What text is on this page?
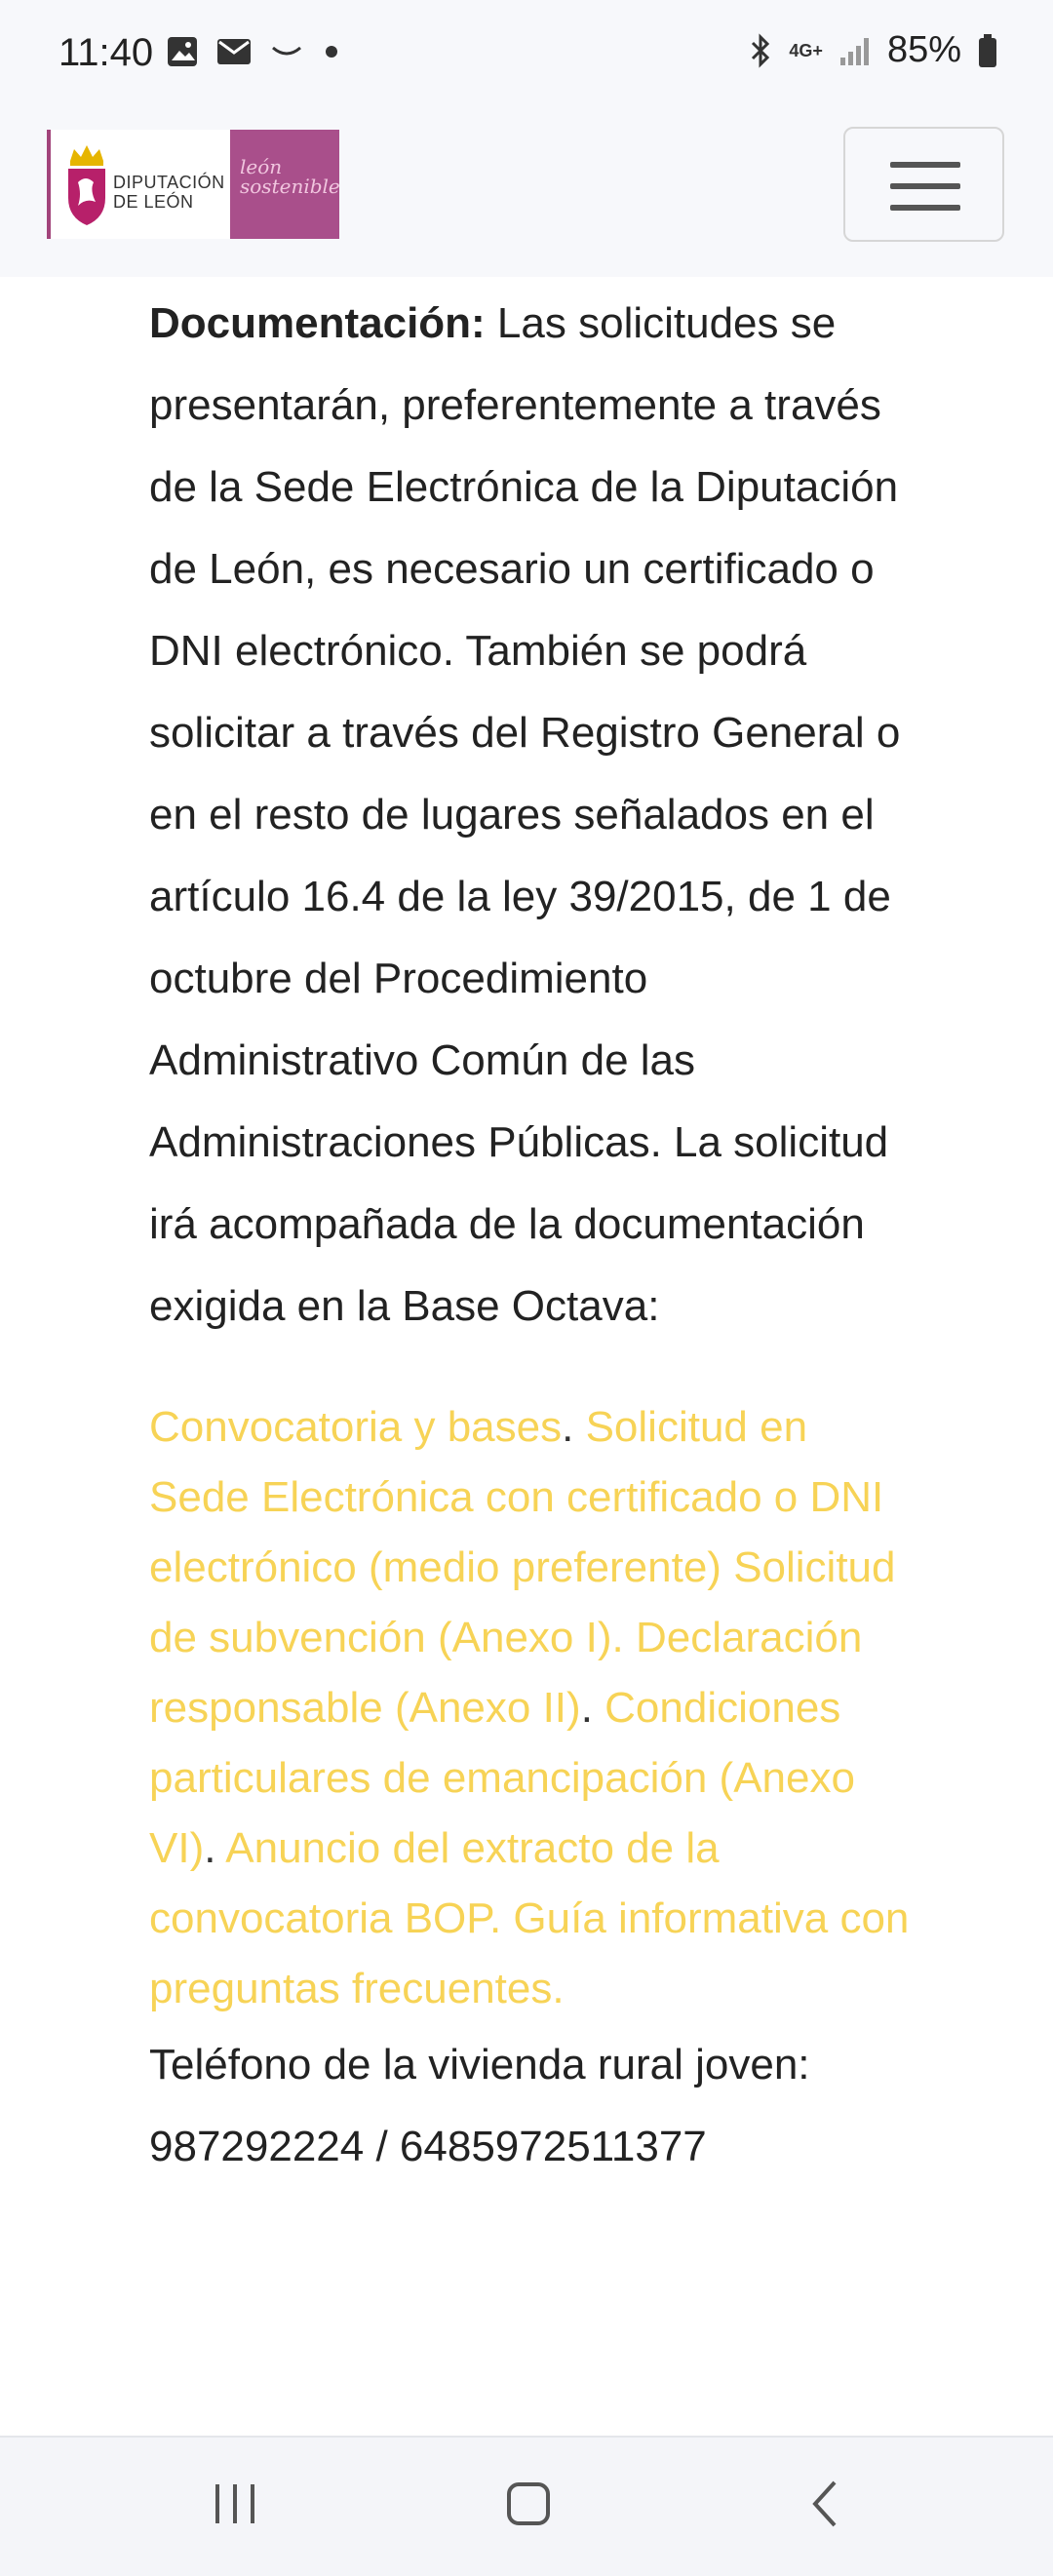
11:40	4G+ 85%
DIPUTACIÓN DE LEÓN
león sostenible

Documentación: Las solicitudes se presentarán, preferentemente a través de la Sede Electrónica de la Diputación de León, es necesario un certificado o DNI electrónico. También se podrá solicitar a través del Registro General o en el resto de lugares señalados en el artículo 16.4 de la ley 39/2015, de 1 de octubre del Procedimiento Administrativo Común de las Administraciones Públicas. La solicitud irá acompañada de la documentación exigida en la Base Octava:

Convocatoria y bases. Solicitud en Sede Electrónica con certificado o DNI electrónico (medio preferente) Solicitud de subvención (Anexo I). Declaración responsable (Anexo II). Condiciones particulares de emancipación (Anexo VI). Anuncio del extracto de la convocatoria BOP. Guía informativa con preguntas frecuentes.
Teléfono de la vivienda rural joven:
987292224 / 6485972511377
